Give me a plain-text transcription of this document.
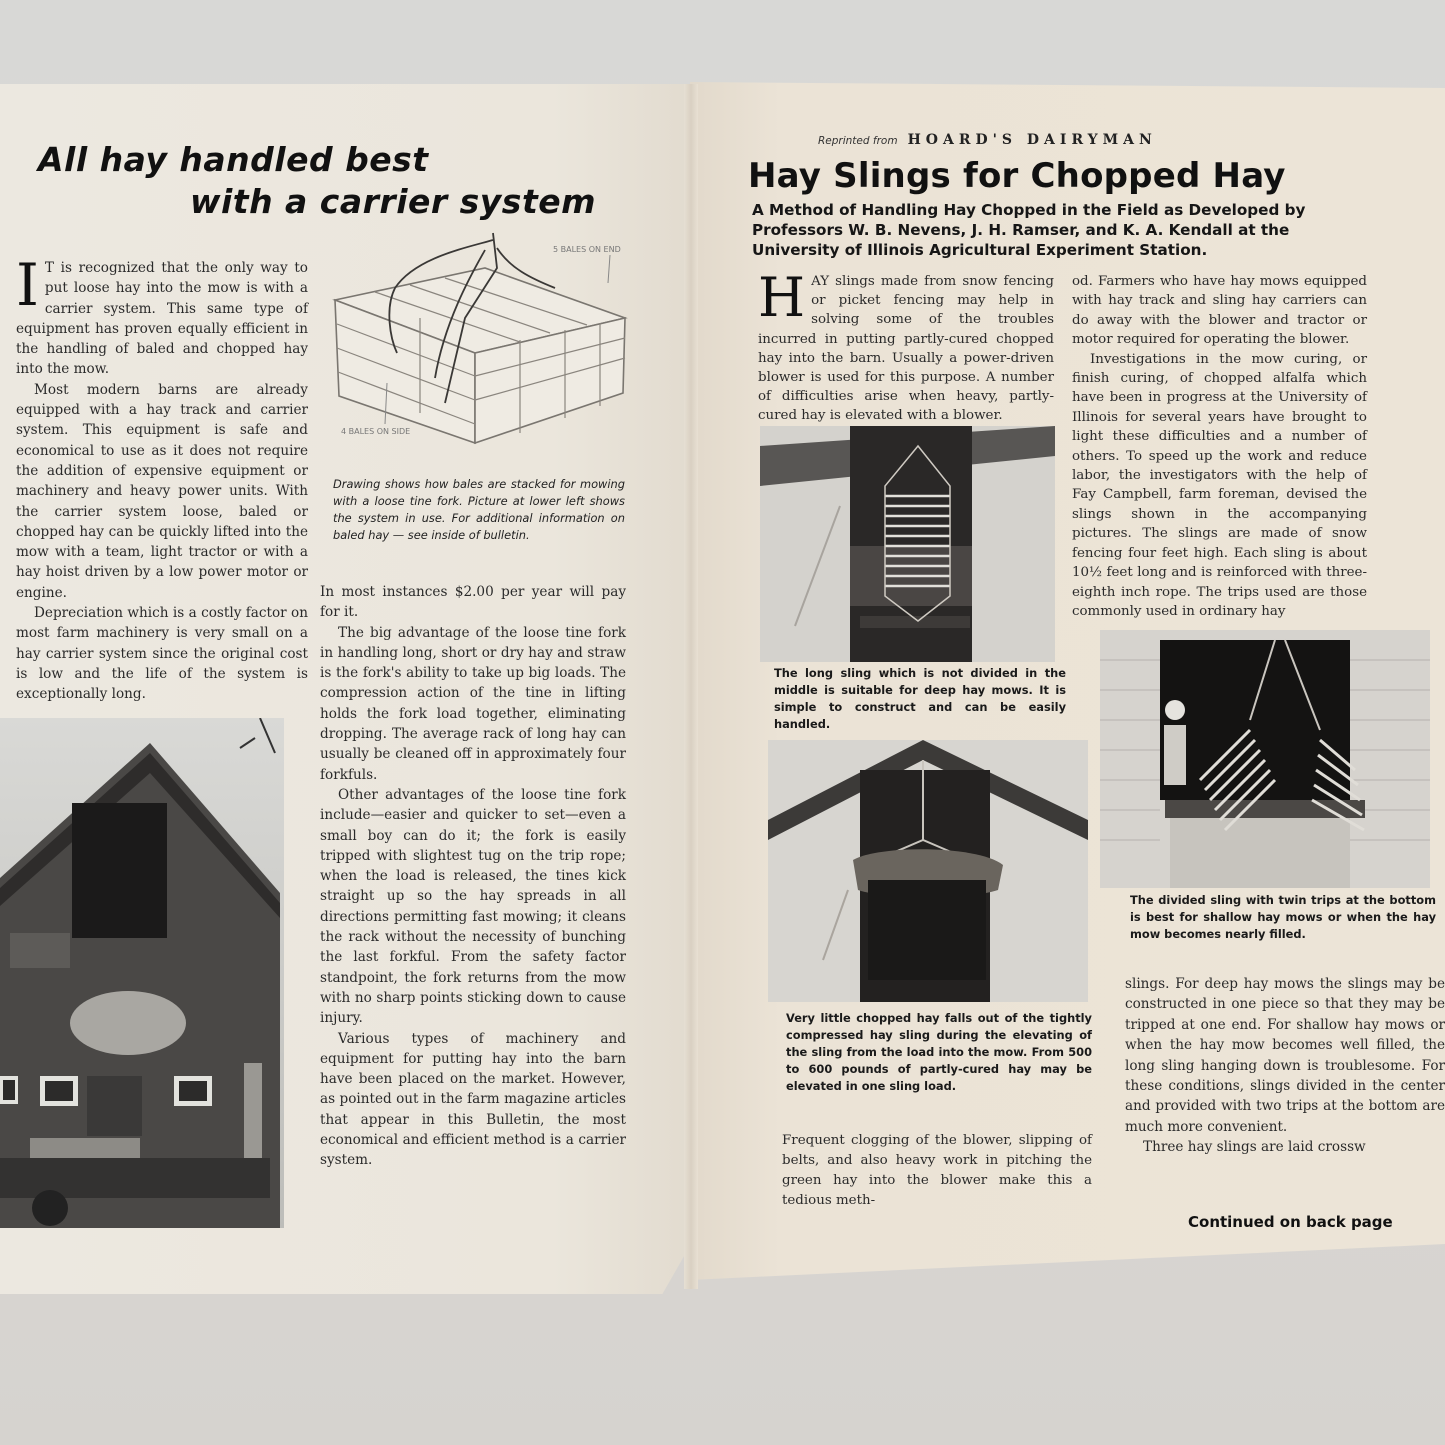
All hay handled best
with a carrier system
I T is recognized that the only way to put loose hay into the mow is with a carrier system. This same type of equipment has proven equally efficient in the handling of baled and chopped hay into the mow.

Most modern barns are already equipped with a hay track and carrier system. This equipment is safe and economical to use as it does not require the addition of expensive equipment or machinery and heavy power units. With the carrier system loose, baled or chopped hay can be quickly lifted into the mow with a team, light tractor or with a hay hoist driven by a low power motor or engine.

Depreciation which is a costly factor on most farm machinery is very small on a hay carrier system since the original cost is low and the life of the system is exceptionally long.

5 BALES ON END
4 BALES ON SIDE
Drawing shows how bales are stacked for mowing with a loose tine fork. Picture at lower left shows the system in use. For additional information on baled hay — see inside of bulletin.

In most instances $2.00 per year will pay for it.

The big advantage of the loose tine fork in handling long, short or dry hay and straw is the fork's ability to take up big loads. The compression action of the tine in lifting holds the fork load together, eliminating dropping. The average rack of long hay can usually be cleaned off in approximately four forkfuls.

Other advantages of the loose tine fork include—easier and quicker to set—even a small boy can do it; the fork is easily tripped with slightest tug on the trip rope; when the load is released, the tines kick straight up so the hay spreads in all directions permitting fast mowing; it cleans the rack without the necessity of bunching the last forkful. From the safety factor standpoint, the fork returns from the mow with no sharp points sticking down to cause injury.

Various types of machinery and equipment for putting hay into the barn have been placed on the market. However, as pointed out in the farm magazine articles that appear in this Bulletin, the most economical and efficient method is a carrier system.

Reprinted from HOARD'S DAIRYMAN
Hay Slings for Chopped Hay
A Method of Handling Hay Chopped in the Field as Developed by Professors W. B. Nevens, J. H. Ramser, and K. A. Kendall at the University of Illinois Agricultural Experiment Station.
H AY slings made from snow fencing or picket fencing may help in solving some of the troubles incurred in putting partly-cured chopped hay into the barn. Usually a power-driven blower is used for this purpose. A number of difficulties arise when heavy, partly-cured hay is elevated with a blower.

The long sling which is not divided in the middle is suitable for deep hay mows. It is simple to construct and can be easily handled.
Very little chopped hay falls out of the tightly compressed hay sling during the elevating of the sling from the load into the mow. From 500 to 600 pounds of partly-cured hay may be elevated in one sling load.

Frequent clogging of the blower, slipping of belts, and also heavy work in pitching the green hay into the blower make this a tedious meth-

od. Farmers who have hay mows equipped with hay track and sling hay carriers can do away with the blower and tractor or motor required for operating the blower.

Investigations in the mow curing, or finish curing, of chopped alfalfa which have been in progress at the University of Illinois for several years have brought to light these difficulties and a number of others. To speed up the work and reduce labor, the investigators with the help of Fay Campbell, farm foreman, devised the slings shown in the accompanying pictures. The slings are made of snow fencing four feet high. Each sling is about 10½ feet long and is reinforced with three-eighth inch rope. The trips used are those commonly used in ordinary hay

The divided sling with twin trips at the bottom is best for shallow hay mows or when the hay mow becomes nearly filled.

slings. For deep hay mows the slings may be constructed in one piece so that they may be tripped at one end. For shallow hay mows or when the hay mow becomes well filled, the long sling hanging down is troublesome. For these conditions, slings divided in the center and provided with two trips at the bottom are much more convenient.

Three hay slings are laid crossw

Continued on back page
